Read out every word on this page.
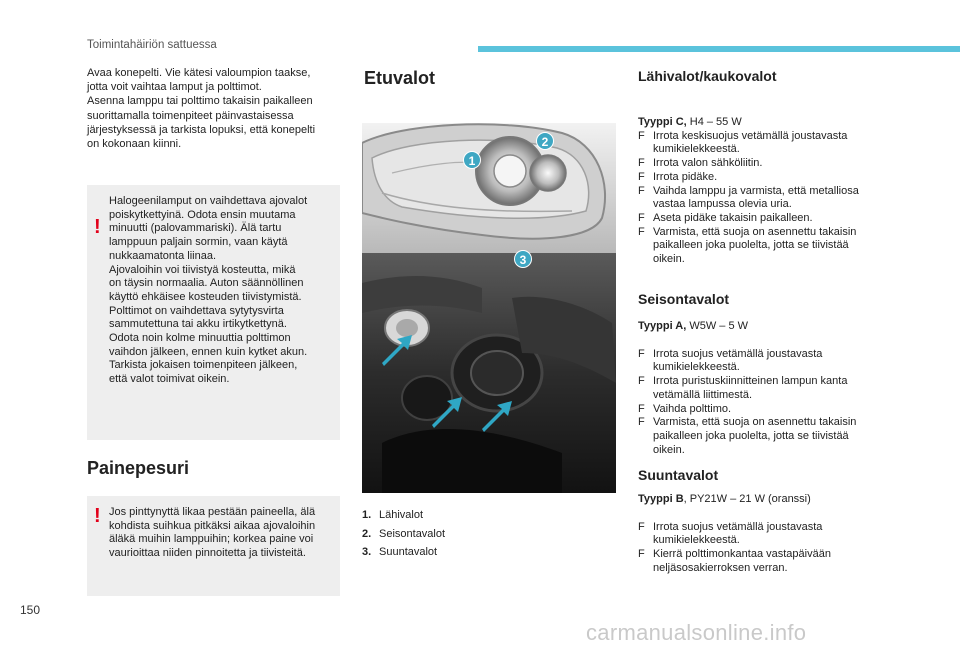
Toimintahäiriön sattuessa
Avaa konepelti. Vie kätesi valoumpion taakse,
jotta voit vaihtaa lamput ja polttimot.
Asenna lamppu tai polttimo takaisin paikalleen
suorittamalla toimenpiteet päinvastaisessa
järjestyksessä ja tarkista lopuksi, että konepelti
on kokonaan kiinni.
!
Halogeenilamput on vaihdettava ajovalot
poiskytkettyinä. Odota ensin muutama
minuutti (palovammariski). Älä tartu
lamppuun paljain sormin, vaan käytä
nukkaamatonta liinaa.
Ajovaloihin voi tiivistyä kosteutta, mikä
on täysin normaalia. Auton säännöllinen
käyttö ehkäisee kosteuden tiivistymistä.
Polttimot on vaihdettava sytytysvirta
sammutettuna tai akku irtikytkettynä.
Odota noin kolme minuuttia polttimon
vaihdon jälkeen, ennen kuin kytket akun.
Tarkista jokaisen toimenpiteen jälkeen,
että valot toimivat oikein.
Painepesuri
! Jos pinttynyttä likaa pestään paineella, älä
kohdista suihkua pitkäksi aikaa ajovaloihin
äläkä muihin lamppuihin; korkea paine voi
vaurioittaa niiden pinnoitetta ja tiivisteitä.
Etuvalot
1
2
3
1. Lähivalot
2. Seisontavalot
3. Suuntavalot
Lähivalot/kaukovalot
Tyyppi C, H4 – 55 W
F Irrota keskisuojus vetämällä joustavasta
kumikielekkeestä.
F Irrota valon sähköliitin.
F Irrota pidäke.
F Vaihda lamppu ja varmista, että metalliosa
vastaa lampussa olevia uria.
F Aseta pidäke takaisin paikalleen.
F Varmista, että suoja on asennettu takaisin
paikalleen joka puolelta, jotta se tiivistää
oikein.
Seisontavalot
Tyyppi A, W5W – 5 W
F Irrota suojus vetämällä joustavasta
kumikielekkeestä.
F Irrota puristuskiinnitteinen lampun kanta
vetämällä liittimestä.
F Vaihda polttimo.
F Varmista, että suoja on asennettu takaisin
paikalleen joka puolelta, jotta se tiivistää
oikein.
Suuntavalot
Tyyppi B, PY21W – 21 W (oranssi)
F Irrota suojus vetämällä joustavasta
kumikielekkeestä.
F Kierrä polttimonkantaa vastapäivään
neljäsosakierroksen verran.
150
carmanualsonline.info
